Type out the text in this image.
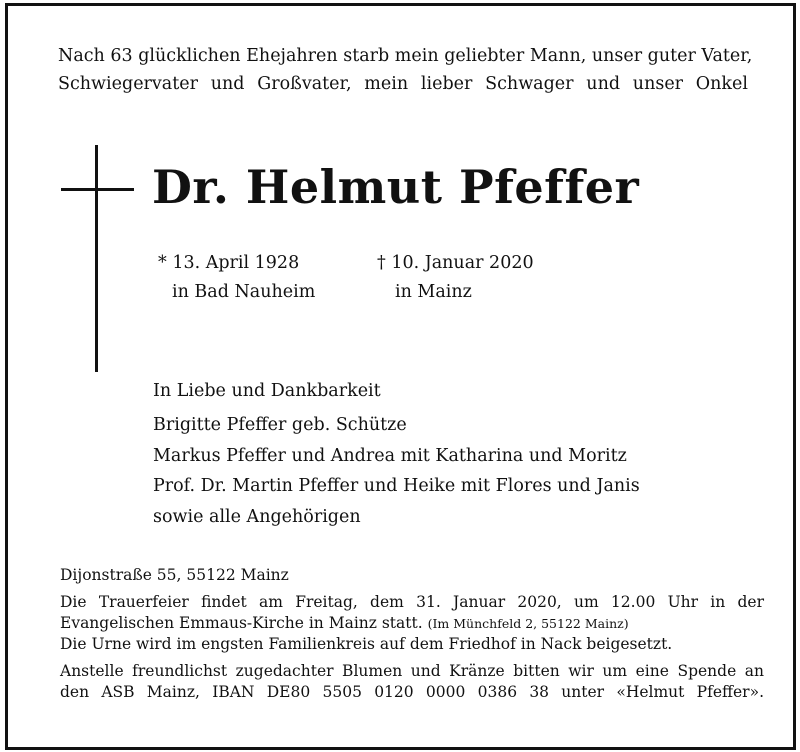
Nach 63 glücklichen Ehejahren starb mein geliebter Mann, unser guter Vater,
Schwiegervater und Großvater, mein lieber Schwager und unser Onkel
Dr. Helmut Pfeffer
* 13. April 1928
in Bad Nauheim
† 10. Januar 2020
in Mainz
In Liebe und Dankbarkeit
Brigitte Pfeffer geb. Schütze
Markus Pfeffer und Andrea mit Katharina und Moritz
Prof. Dr. Martin Pfeffer und Heike mit Flores und Janis
sowie alle Angehörigen
Dijonstraße 55, 55122 Mainz
Die Trauerfeier findet am Freitag, dem 31. Januar 2020, um 12.00 Uhr in der
Evangelischen Emmaus-Kirche in Mainz statt. (Im Münchfeld 2, 55122 Mainz)
Die Urne wird im engsten Familienkreis auf dem Friedhof in Nack beigesetzt.
Anstelle freundlichst zugedachter Blumen und Kränze bitten wir um eine Spende an
den ASB Mainz, IBAN DE80 5505 0120 0000 0386 38 unter «Helmut Pfeffer».
